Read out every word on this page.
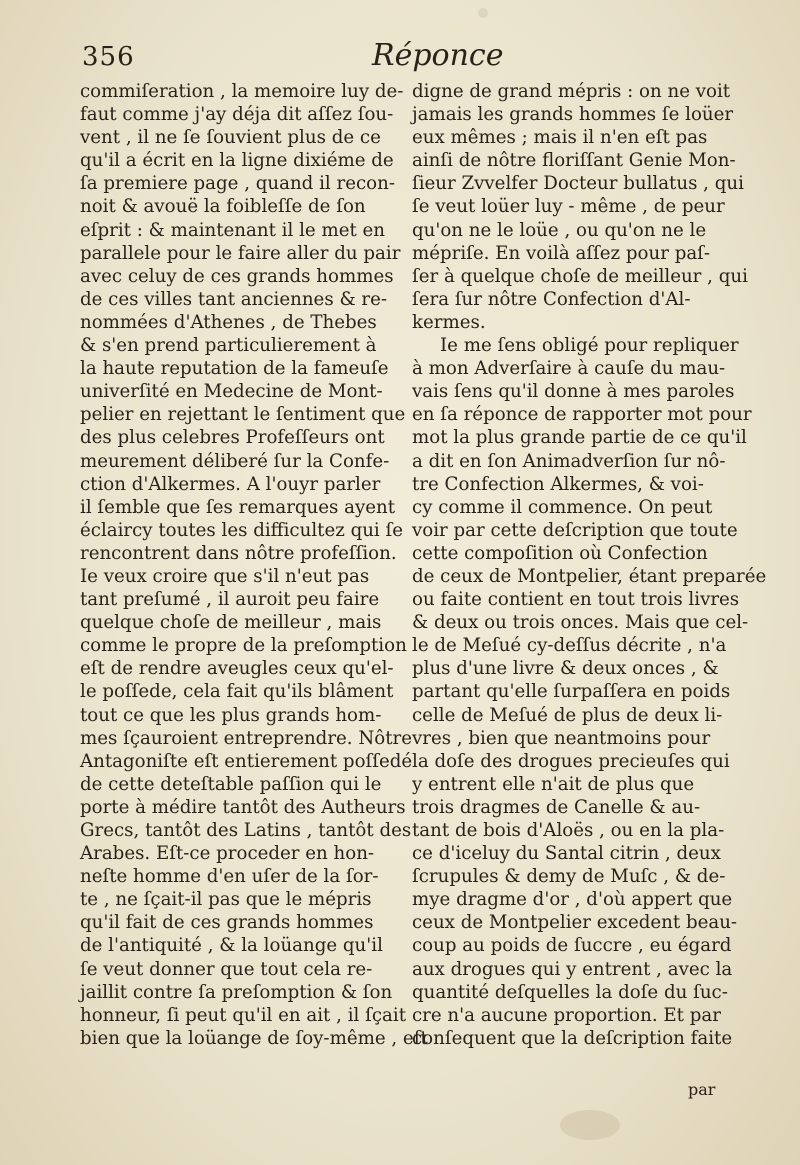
356	Réponce
commiſeration , la memoire luy de-
faut comme j'ay déja dit aſſez ſou-
vent , il ne ſe ſouvient plus de ce
qu'il a écrit en la ligne dixiéme de
ſa premiere page , quand il recon-
noit & avouë la foibleſſe de ſon
eſprit : & maintenant il le met en
parallele pour le faire aller du pair
avec celuy de ces grands hommes
de ces villes tant anciennes & re-
nommées d'Athenes , de Thebes
& s'en prend particulierement à
la haute reputation de la fameuſe
univerſité en Medecine de Mont-
pelier en rejettant le ſentiment que
des plus celebres Profeſſeurs ont
meurement déliberé ſur la Confe-
ction d'Alkermes. A l'ouyr parler
il ſemble que ſes remarques ayent
éclaircy toutes les difficultez qui ſe
rencontrent dans nôtre profeſſion.
Ie veux croire que s'il n'eut pas
tant preſumé , il auroit peu faire
quelque choſe de meilleur , mais
comme le propre de la preſomption
eſt de rendre aveugles ceux qu'el-
le poſſede, cela fait qu'ils blâment
tout ce que les plus grands hom-
mes ſçauroient entreprendre. Nôtre
Antagoniſte eſt entierement poſſedé
de cette deteſtable paſſion qui le
porte à médire tantôt des Autheurs
Grecs, tantôt des Latins , tantôt des
Arabes. Eſt-ce proceder en hon-
neſte homme d'en uſer de la ſor-
te , ne ſçait-il pas que le mépris
qu'il fait de ces grands hommes
de l'antiquité , & la loüange qu'il
ſe veut donner que tout cela re-
jaillit contre ſa preſomption & ſon
honneur, ſi peut qu'il en ait , il ſçait
bien que la loüange de ſoy-même , eſt
digne de grand mépris : on ne voit
jamais les grands hommes ſe loüer
eux mêmes ; mais il n'en eſt pas
ainſi de nôtre floriſſant Genie Mon-
ſieur Zvvelfer Docteur bullatus , qui
ſe veut loüer luy - même , de peur
qu'on ne le loüe , ou qu'on ne le
mépriſe. En voilà aſſez pour paſ-
ſer à quelque choſe de meilleur , qui
ſera ſur nôtre Confection d'Al-
kermes.
Ie me ſens obligé pour repliquer
à mon Adverſaire à cauſe du mau-
vais ſens qu'il donne à mes paroles
en ſa réponce de rapporter mot pour
mot la plus grande partie de ce qu'il
a dit en ſon Animadverſion ſur nô-
tre Confection Alkermes, & voi-
cy comme il commence. On peut
voir par cette deſcription que toute
cette compoſition où Confection
de ceux de Montpelier, étant preparée
ou faite contient en tout trois livres
& deux ou trois onces. Mais que cel-
le de Meſué cy-deſſus décrite , n'a
plus d'une livre & deux onces , &
partant qu'elle ſurpaſſera en poids
celle de Meſué de plus de deux li-
vres , bien que neantmoins pour
la doſe des drogues precieuſes qui
y entrent elle n'ait de plus que
trois dragmes de Canelle & au-
tant de bois d'Aloës , ou en la pla-
ce d'iceluy du Santal citrin , deux
ſcrupules & demy de Muſc , & de-
mye dragme d'or , d'où appert que
ceux de Montpelier excedent beau-
coup au poids de ſuccre , eu égard
aux drogues qui y entrent , avec la
quantité deſquelles la doſe du ſuc-
cre n'a aucune proportion. Et par
conſequent que la deſcription faite
par
